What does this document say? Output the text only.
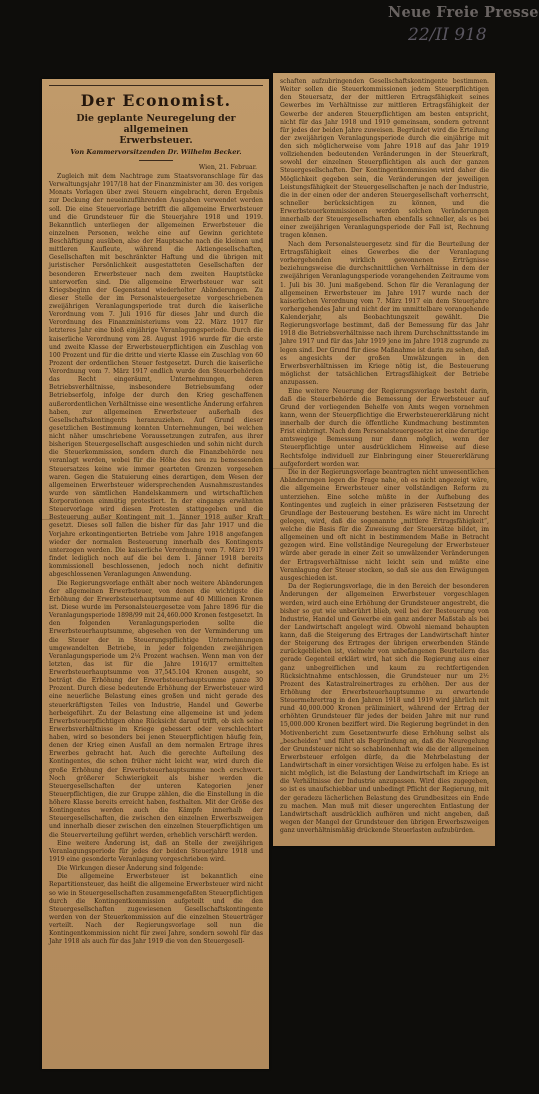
Neue Freie Presse
22/II 918
Der Economist.
Die geplante Neuregelung der allgemeinen
Erwerbsteuer.
Von Kammervorsitzenden Dr. Wilhelm Becker.
Wien, 21. Februar.

Zugleich mit dem Nachtrage zum Staatsvoranschlage für das Verwaltungsjahr 1917/18 hat der Finanzminister am 30. des vorigen Monats Vorlagen über zwei Steuern eingebracht, deren Ergebnis zur Deckung der neueinzuführenden Ausgaben verwendet werden soll. Die eine Steuervorlage betrifft die allgemeine Erwerbsteuer und die Grundsteuer für die Steuerjahre 1918 und 1919. Bekanntlich unterliegen der allgemeinen Erwerbsteuer die einzelnen Personen, welche eine auf Gewinn gerichtete Beschäftigung ausüben, also der Hauptsache nach die kleinen und mittleren Kaufleute, während die Aktiengesellschaften, Gesellschaften mit beschränkter Haftung und die übrigen mit juristischer Persönlichkeit ausgestatteten Gesellschaften der besonderen Erwerbsteuer nach dem zweiten Hauptstücke unterworfen sind. Die allgemeine Erwerbsteuer war seit Kriegsbeginn der Gegenstand wiederholter Abänderungen. Zu dieser Stelle der im Personalsteuergesetze vorgeschriebenen zweijährigen Veranlagungsperiode trat durch die kaiserliche Verordnung vom 7. Juli 1916 für dieses Jahr und durch die Verordnung des Finanzministeriums vom 22. März 1917 für letzteres Jahr eine bloß einjährige Veranlagungsperiode. Durch die kaiserliche Verordnung vom 28. August 1916 wurde für die erste und zweite Klasse der Erwerbsteuerpflichtigen ein Zuschlag von 100 Prozent und für die dritte und vierte Klasse ein Zuschlag von 60 Prozent der ordentlichen Steuer festgesetzt. Durch die kaiserliche Verordnung vom 7. März 1917 endlich wurde den Steuerbehörden das Recht eingeräumt, Unternehmungen, deren Betriebsverhältnisse, insbesondere Betriebsumfang oder Betriebserfolg, infolge der durch den Krieg geschaffenen außerordentlichen Verhältnisse eine wesentliche Änderung erfahren haben, zur allgemeinen Erwerbsteuer außerhalb des Gesellschaftskontingents heranzuziehen. Auf Grund dieser gesetzlichen Bestimmung konnten Unternehmungen, bei welchen nicht näher umschriebene Voraussetzungen zutrafen, aus ihrer bisherigen Steuergesellschaft ausgeschieden und sohin nicht durch die Steuerkommission, sondern durch die Finanzbehörde neu veranlagt werden, wobei für die Höhe des neu zu bemessenden Steuersatzes keine wie immer gearteten Grenzen vorgesehen waren. Gegen die Statuierung eines derartigen, dem Wesen der allgemeinen Erwerbsteuer widersprechenden Ausnahmszustandes wurde von sämtlichen Handelskammern und wirtschaftlichen Korporationen einmütig protestiert. In der eingangs erwähnten Steuervorlage wird diesen Protesten stattgegeben und die Besteuerung außer Kontingent mit 1. Jänner 1918 außer Kraft gesetzt. Dieses soll fallen die bisher für das Jahr 1917 und die Vorjahre erkontingentierten Betriebe vom Jahre 1918 angefangen wieder der normalen Besteuerung innerhalb des Kontingents unterzogen werden. Die kaiserliche Verordnung vom 7. März 1917 findet lediglich noch auf die bei dem 1. Jänner 1918 bereits kommissionell beschlossenen, jedoch noch nicht definitiv abgeschlossenen Veranlagungen Anwendung.

Die Regierungsvorlage enthält aber noch weitere Abänderungen der allgemeinen Erwerbsteuer, von denen die wichtigste die Erhöhung der Erwerbsteuerhauptsumme auf 40 Millionen Kronen ist. Diese wurde im Personalsteuergesetze vom Jahre 1896 für die Veranlagungsperiode 1898/99 mit 24,460.000 Kronen festgesetzt. In den folgenden Veranlagungsperioden sollte die Erwerbsteuerhauptsumme, abgesehen von der Verminderung um die Steuer der in Steuerungspflichtige Unternehmungen umgewandelten Betriebe, in jeder folgenden zweijährigen Veranlagungsperiode um 2¼ Prozent wachsen. Wenn man von der letzten, das ist für die Jahre 1916/17 ermittelten Erwerbsteuerhauptsumme von 37,545.104 Kronen ausgeht, so beträgt die Erhöhung der Erwerbsteuerhauptsumme ganze 30 Prozent. Durch diese bedeutende Erhöhung der Erwerbsteuer wird eine neuerliche Belastung eines großen und nicht gerade des steuerkräftigsten Teiles von Industrie, Handel und Gewerbe herbeigeführt. Zu der Belastung eine allgemeine ist und jedem Erwerbsteuerpflichtigen ohne Rücksicht darauf trifft, ob sich seine Erwerbsverhältnisse im Kriege gebessert oder verschlechtert haben, wird so besonders bei jenen Steuerpflichtigen häufig fein, denen der Krieg einen Ausfall an dem normalen Ertrage ihres Erwerbes gebracht hat. Auch die gerechte Aufteilung des Kontingentes, die schon früher nicht leicht war, wird durch die große Erhöhung der Erwerbsteuerhauptsumme noch erschwert. Noch größerer Schwierigkeit als bisher werden die Steuergesellschaften der unteren Kategorien jener Steuerpflichtigen, die zur Gruppe zählen, die die Einstellung in die höhere Klasse bereits erreicht haben, festhalten. Mit der Größe des Kontingentes werden auch die Kämpfe innerhalb der Steuergesellschaften, die zwischen den einzelnen Erwerbszweigen und innerhalb dieser zwischen den einzelnen Steuerpflichtigen um die Steuerverteilung geführt werden, erheblich verschärft werden.

Eine weitere Änderung ist, daß an Stelle der zweijährigen Veranlagungsperiode für jedes der beiden Steuerjahre 1918 und 1919 eine gesonderte Veranlagung vorgeschrieben wird.

Die Wirkungen dieser Änderung sind folgende:

Die allgemeine Erwerbsteuer ist bekanntlich eine Repartitionsteuer, das heißt die allgemeine Erwerbsteuer wird nicht so wie in Steuergesellschaften zusammengefaßten Steuerpflichtigen durch die Kontingentkommission aufgeteilt und die den Steuergesellschaften zugewiesenen Gesellschaftskontingente werden von der Steuerkommission auf die einzelnen Steuerträger verteilt. Nach der Regierungsvorlage soll nun die Kontingentkommission nicht für zwei Jahre, sondern sowohl für das Jahr 1918 als auch für das Jahr 1919 die von den Steuergesell-

schaften aufzubringenden Gesellschaftskontingente bestimmen. Weiter sollen die Steuerkommissionen jedem Steuerpflichtigen den Steuersatz, der der mittleren Ertragsfähigkeit seines Gewerbes im Verhältnisse zur mittleren Ertragsfähigkeit der Gewerbe der anderen Steuerpflichtigen am besten entspricht, nicht für das Jahr 1918 und 1919 gemeinsam, sondern getrennt für jedes der beiden Jahre zuweisen. Begründet wird die Erteilung der zweijährigen Veranlagungsperiode durch die einjährige mit den sich möglicherweise vom Jahre 1918 auf das Jahr 1919 vollziehenden bedeutenden Veränderungen in der Steuerkraft, sowohl der einzelnen Steuerpflichtigen als auch der ganzen Steuergesellschaften. Der Kontingentkommission wird daher die Möglichkeit gegeben sein, die Veränderungen der jeweiligen Leistungsfähigkeit der Steuergesellschaften je nach der Industrie, die in der einen oder der anderen Steuergesellschaft vorherrscht, schneller berücksichtigen zu können, und die Erwerbsteuerkommissionen werden solchen Veränderungen innerhalb der Steuergesellschaften ebenfalls schneller, als es bei einer zweijährigen Veranlagungsperiode der Fall ist, Rechnung tragen können.

Nach dem Personalsteuergesetz sind für die Beurteilung der Ertragsfähigkeit eines Gewerbes die der Veranlagung vorhergehenden wirklich gewonnenen Erträgnisse beziehungsweise die durchschnittlichen Verhältnisse in dem der zweijährigen Veranlagungsperiode vorangehenden Zeitraume vom 1. Juli bis 30. Juni maßgebend. Schon für die Veranlagung der allgemeinen Erwerbsteuer im Jahre 1917 wurde nach der kaiserlichen Verordnung vom 7. März 1917 ein dem Steuerjahre vorhergehendes Jahr und nicht der im unmittelbare vorangehende Kalenderjahr, als Beobachtungszeit gewählt. Die Regierungsvorlage bestimmt, daß der Bemessung für das Jahr 1918 die Betriebsverhältnisse nach ihrem Durchschnittsstande im Jahre 1917 und für das Jahr 1919 jene im Jahre 1918 zugrunde zu legen sind. Der Grund für diese Maßnahme ist darin zu sehen, daß es angesichts der großen Umwälzungen in den Erwerbsverhältnissen im Kriege nötig ist, die Besteuerung möglichst der tatsächlichen Ertragsfähigkeit der Betriebe anzupassen.

Eine weitere Neuerung der Regierungsvorlage besteht darin, daß die Steuerbehörde die Bemessung der Erwerbsteuer auf Grund der vorliegenden Behelfe von Amts wegen vornehmen kann, wenn der Steuerpflichtige die Erwerbsteuererklärung nicht innerhalb der durch die öffentliche Kundmachung bestimmten Frist einbringt. Nach dem Personalsteuergesetze ist eine derartige amtswegige Bemessung nur dann möglich, wenn der Steuerpflichtige unter ausdrücklichem Hinweise auf diese Rechtsfolge individuell zur Einbringung einer Steuererklärung aufgefordert worden war.

Die in der Regierungsvorlage beantragten nicht unwesentlichen Abänderungen legen die Frage nahe, ob es nicht angezeigt wäre, die allgemeine Erwerbsteuer einer vollständigen Reform zu unterziehen. Eine solche müßte in der Aufhebung des Kontingentes und zugleich in einer präziseren Festsetzung der Grundlage der Besteuerung bestehen. Es wäre nicht im Unrecht gelegen, wird, daß die sogenannte „mittlere Ertragsfähigkeit“, welche die Basis für die Zuweisung der Steuersätze bildet, im allgemeinen und oft nicht in bestimmendem Maße in Betracht gezogen wird. Eine vollständige Neuregelung der Erwerbsteuer würde aber gerade in einer Zeit so umwälzender Veränderungen der Ertragsverhältnisse nicht leicht sein und müßte eine Veranlagung der Steuer stocken, so daß sie aus den Erwägungen ausgeschieden ist.

Da der Regierungsvorlage, die in den Bereich der besonderen Änderungen der allgemeinen Erwerbsteuer vorgeschlagen werden, wird auch eine Erhöhung der Grundsteuer angestrebt, die bisher so gut wie unberührt blieb, weil bei der Besteuerung von Industrie, Handel und Gewerbe ein ganz anderer Maßstab als bei der Landwirtschaft angelegt wird. Obwohl niemand behaupten kann, daß die Steigerung des Ertrages der Landwirtschaft hinter der Steigerung des Ertrages der übrigen erwerbenden Stände zurückgeblieben ist, vielmehr von unbefangenen Beurteilern das gerade Gegenteil erklärt wird, hat sich die Regierung aus einer ganz unbegreiflichen und kaum zu rechtfertigenden Rücksichtnahme entschlossen, die Grundsteuer nur um 2½ Prozent des Katastralreinertrages zu erhöhen. Der aus der Erhöhung der Erwerbsteuerhauptsumme zu erwartende Steuermehrertrag in den Jahren 1918 und 1919 wird jährlich mit rund 40,000.000 Kronen präliminiert, während der Ertrag der erhöhten Grundsteuer für jedes der beiden Jahre mit nur rund 15,000.000 Kronen beziffert wird. Die Regierung begründet in den Motivenbericht zum Gesetzentwurfe diese Erhöhung selbst als „bescheiden“ und führt als Begründung an, daß die Neuregelung der Grundsteuer nicht so schablonenhaft wie die der allgemeinen Erwerbsteuer erfolgen dürfe, da die Mehrbelastung der Landwirtschaft in einer vorsichtigen Weise zu erfolgen habe. Es ist nicht möglich, ist die Belastung der Landwirtschaft im Kriege an die Verhältnisse der Industrie anzupassen. Wird dies zugegeben, so ist es unaufschiebbar und unbedingt Pflicht der Regierung, mit der geradezu lächerlichen Belastung des Grundbesitzes ein Ende zu machen. Man muß mit dieser ungerechten Entlastung der Landwirtschaft ausdrücklich aufhören und nicht angeben, daß wegen der Mangel der Grundsteuer den übrigen Erwerbszweigen ganz unverhältnismäßig drückende Steuerlasten aufzubürden.
